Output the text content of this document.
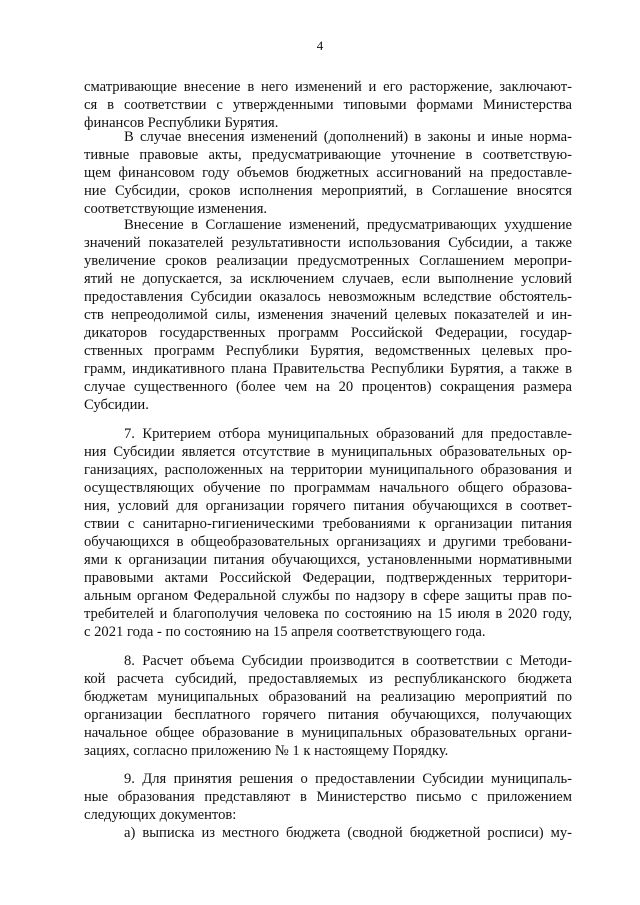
4
сматривающие внесение в него изменений и его расторжение, заключают-
ся в соответствии с утвержденными типовыми формами Министерства
финансов Республики Бурятия.
В случае внесения изменений (дополнений) в законы и иные норма-
тивные правовые акты, предусматривающие уточнение в соответствую-
щем финансовом году объемов бюджетных ассигнований на предоставле-
ние Субсидии, сроков исполнения мероприятий, в Соглашение вносятся
соответствующие изменения.
Внесение в Соглашение изменений, предусматривающих ухудшение
значений показателей результативности использования Субсидии, а также
увеличение сроков реализации предусмотренных Соглашением меропри-
ятий не допускается, за исключением случаев, если выполнение условий
предоставления Субсидии оказалось невозможным вследствие обстоятель-
ств непреодолимой силы, изменения значений целевых показателей и ин-
дикаторов государственных программ Российской Федерации, государ-
ственных программ Республики Бурятия, ведомственных целевых про-
грамм, индикативного плана Правительства Республики Бурятия, а также в
случае существенного (более чем на 20 процентов) сокращения размера
Субсидии.
7. Критерием отбора муниципальных образований для предоставле-
ния Субсидии является отсутствие в муниципальных образовательных ор-
ганизациях, расположенных на территории муниципального образования и
осуществляющих обучение по программам начального общего образова-
ния, условий для организации горячего питания обучающихся в соответ-
ствии с санитарно-гигиеническими требованиями к организации питания
обучающихся в общеобразовательных организациях и другими требовани-
ями к организации питания обучающихся, установленными нормативными
правовыми актами Российской Федерации, подтвержденных территори-
альным органом Федеральной службы по надзору в сфере защиты прав по-
требителей и благополучия человека по состоянию на 15 июля в 2020 году,
с 2021 года - по состоянию на 15 апреля соответствующего года.
8. Расчет объема Субсидии производится в соответствии с Методи-
кой расчета субсидий, предоставляемых из республиканского бюджета
бюджетам муниципальных образований на реализацию мероприятий по
организации бесплатного горячего питания обучающихся, получающих
начальное общее образование в муниципальных образовательных органи-
зациях, согласно приложению № 1 к настоящему Порядку.
9. Для принятия решения о предоставлении Субсидии муниципаль-
ные образования представляют в Министерство письмо с приложением
следующих документов:
а) выписка из местного бюджета (сводной бюджетной росписи) му-
